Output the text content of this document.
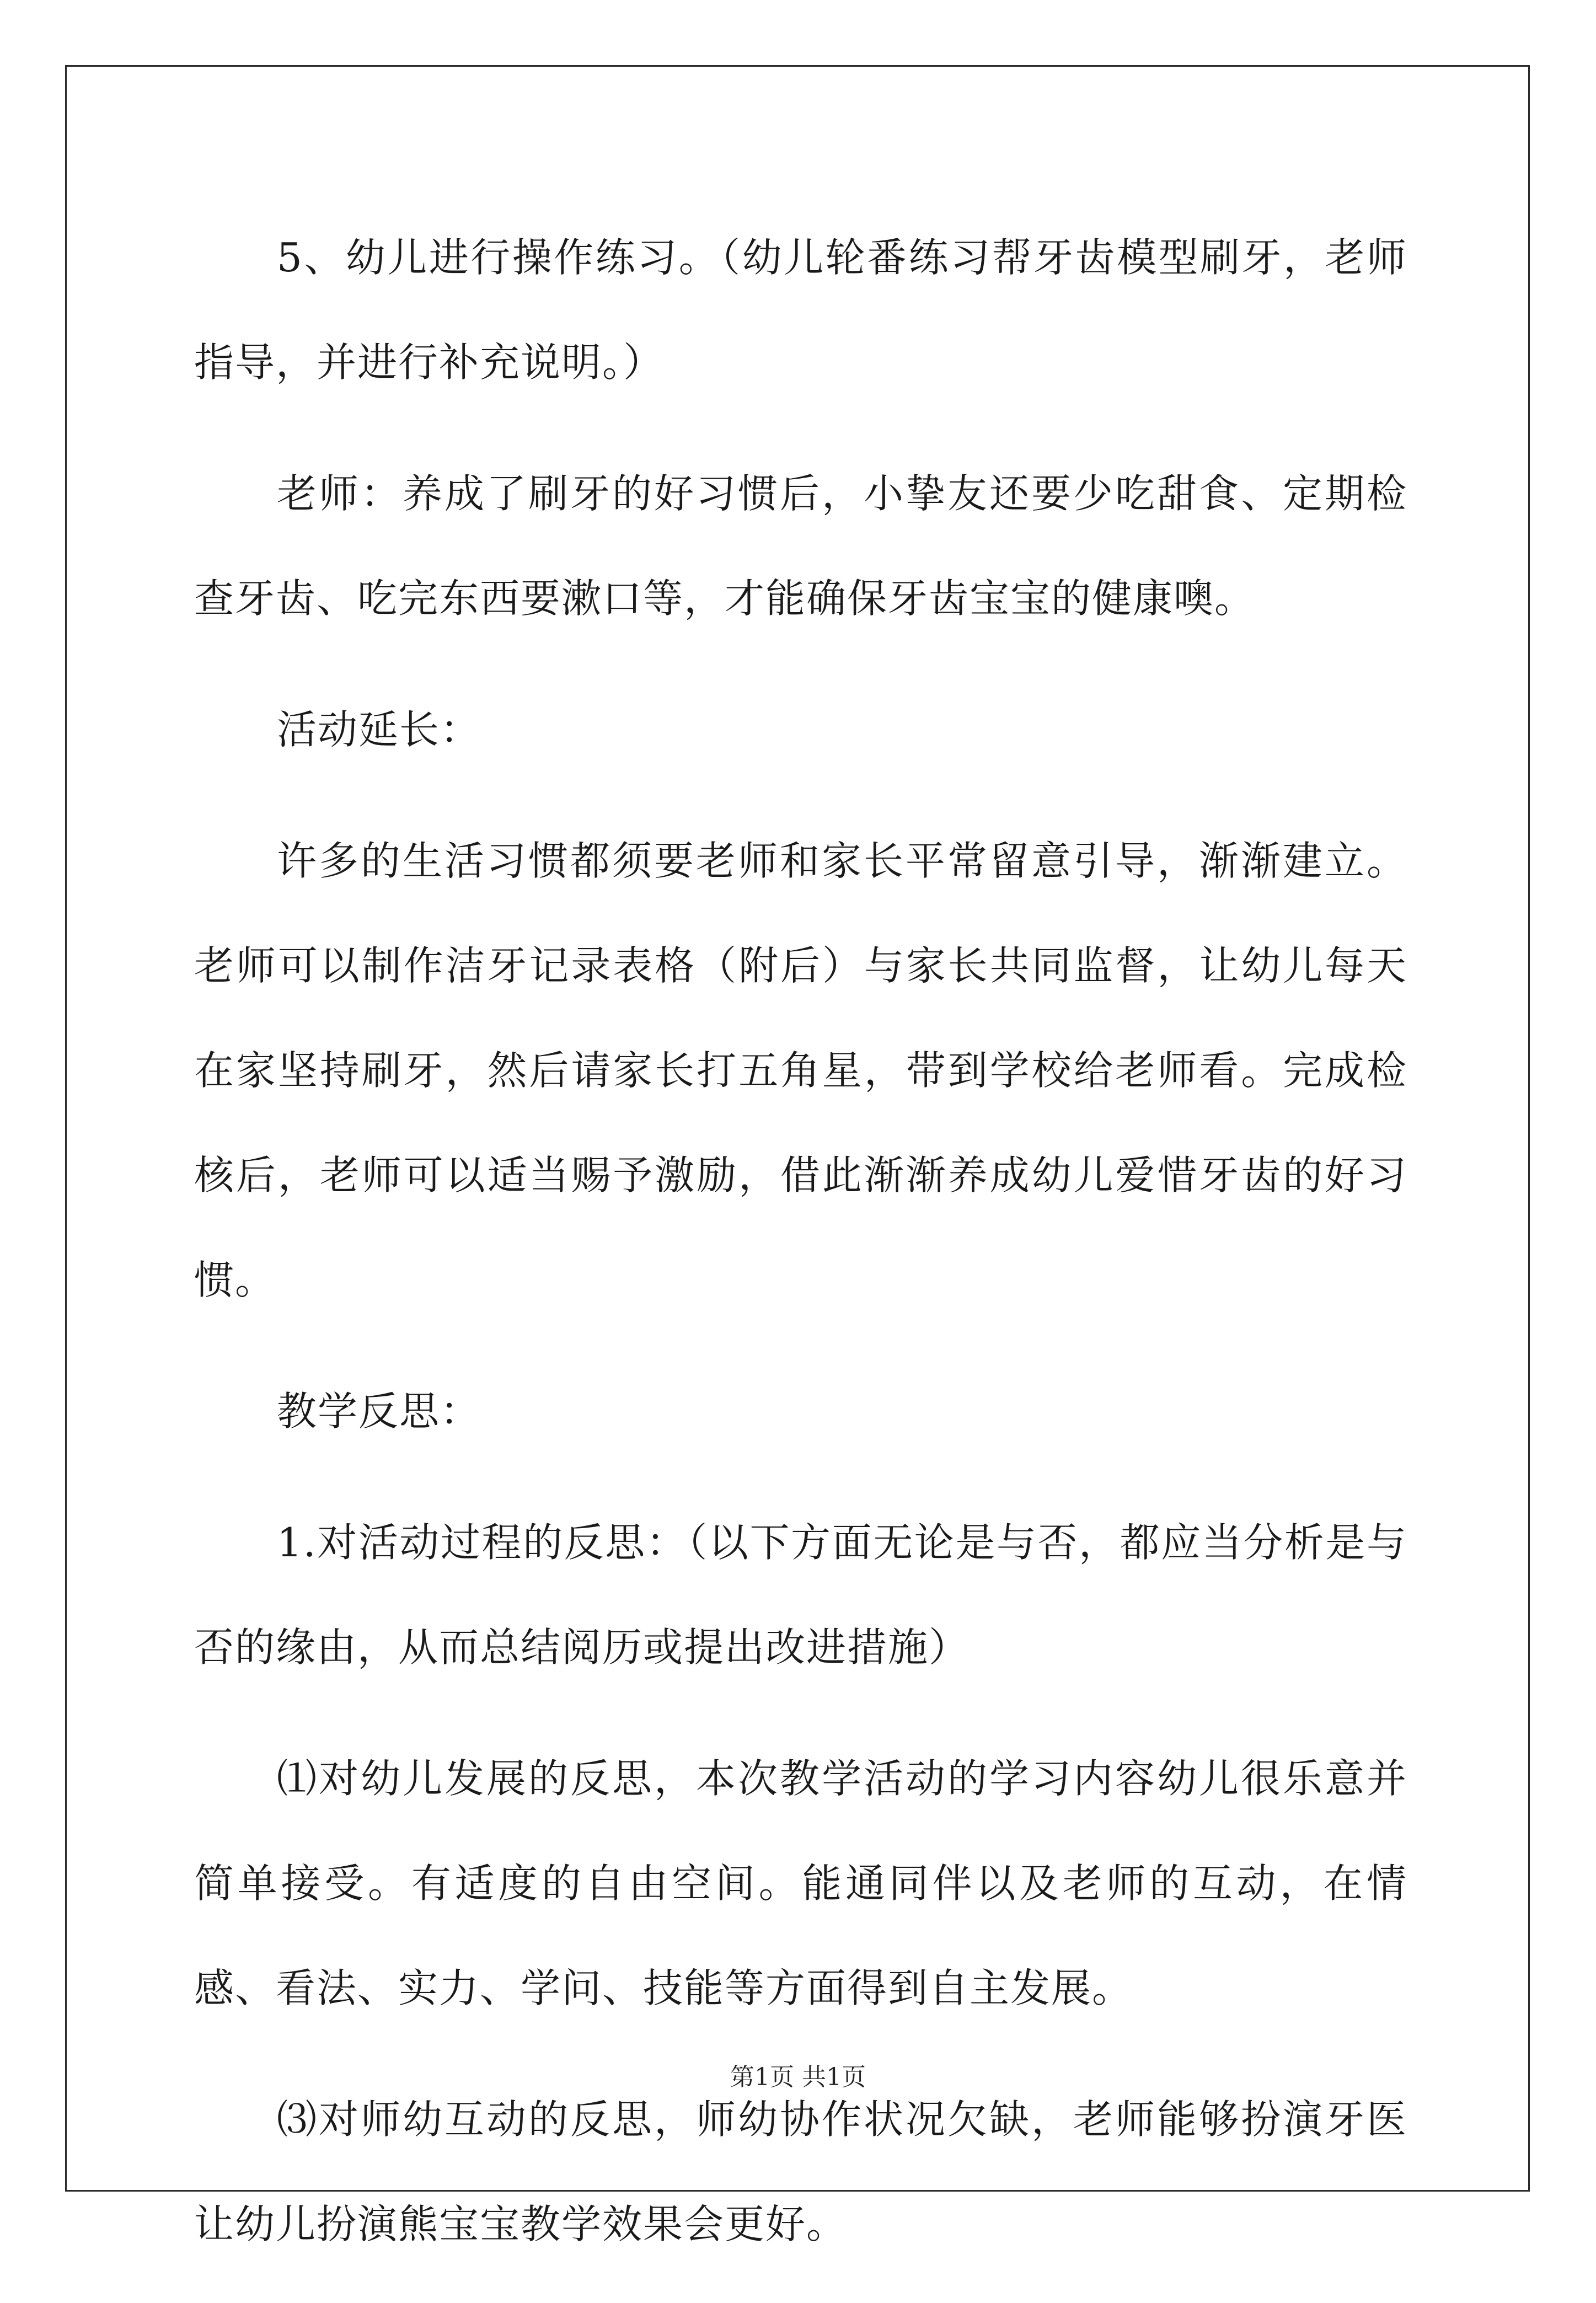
5、幼儿进行操作练习。（幼儿轮番练习帮牙齿模型刷牙，老师指导，并进行补充说明。）

老师：养成了刷牙的好习惯后，小挚友还要少吃甜食、定期检查牙齿、吃完东西要漱口等，才能确保牙齿宝宝的健康噢。

活动延长：

许多的生活习惯都须要老师和家长平常留意引导，渐渐建立。老师可以制作洁牙记录表格（附后）与家长共同监督，让幼儿每天在家坚持刷牙，然后请家长打五角星，带到学校给老师看。完成检核后，老师可以适当赐予激励，借此渐渐养成幼儿爱惜牙齿的好习惯。

教学反思：

1.对活动过程的反思：（以下方面无论是与否，都应当分析是与否的缘由，从而总结阅历或提出改进措施）

⑴对幼儿发展的反思，本次教学活动的学习内容幼儿很乐意并简单接受。有适度的自由空间。能通同伴以及老师的互动，在情感、看法、实力、学问、技能等方面得到自主发展。

⑶对师幼互动的反思，师幼协作状况欠缺，老师能够扮演牙医让幼儿扮演熊宝宝教学效果会更好。

第1页 共1页
